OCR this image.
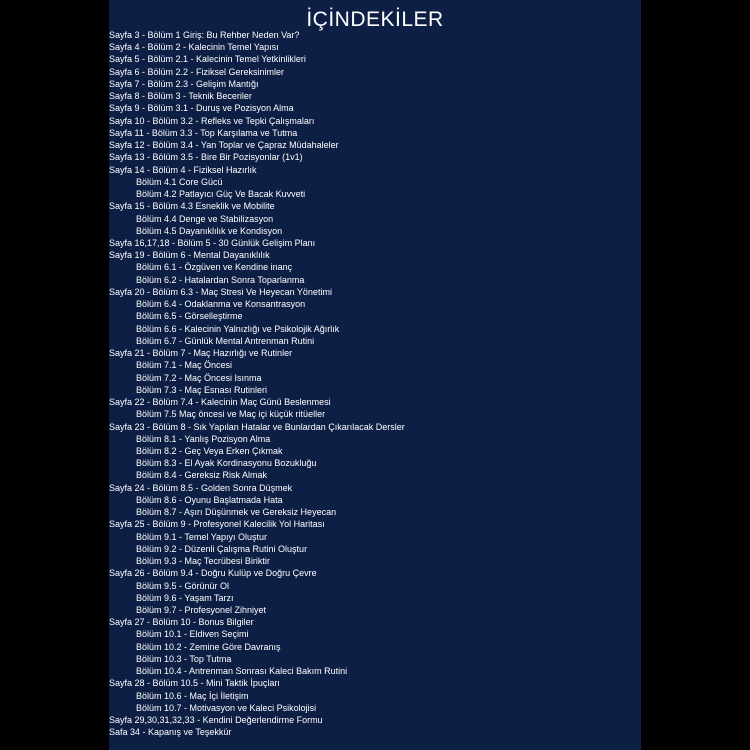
İÇİNDEKİLER
Sayfa 3 - Bölüm 1 Giriş: Bu Rehber Neden Var?
Sayfa 4 - Bölüm 2 - Kalecinin Temel Yapısı
Sayfa 5 - Bölüm 2.1 - Kalecinin Temel Yetkinlikleri
Sayfa 6 - Bölüm 2.2 - Fiziksel Gereksinimler
Sayfa 7 - Bölüm 2.3 - Gelişim Mantığı
Sayfa 8 - Bölüm 3 - Teknik Beceriler
Sayfa 9 - Bölüm 3.1 - Duruş ve Pozisyon Alma
Sayfa 10 - Bölüm 3.2 - Refleks ve Tepki Çalışmaları
Sayfa 11 - Bölüm 3.3 - Top Karşılama ve Tutma
Sayfa 12 - Bölüm 3.4 - Yan Toplar ve Çapraz Müdahaleler
Sayfa 13 - Bölüm 3.5 - Bire Bir Pozisyonlar (1v1)
Sayfa 14 - Bölüm 4 - Fiziksel Hazırlık
Bölüm 4.1 Core Gücü
Bölüm 4.2 Patlayıcı Güç Ve Bacak Kuvveti
Sayfa 15 - Bölüm 4.3 Esneklik ve Mobilite
Bölüm 4.4 Denge ve Stabilizasyon
Bölüm 4.5 Dayanıklılık ve Kondisyon
Sayfa 16,17,18 - Bölüm 5 - 30 Günlük Gelişim Planı
Sayfa 19 - Bölüm 6 - Mental Dayanıklılık
Bölüm 6.1 - Özgüven ve Kendine inanç
Bölüm 6.2 - Hatalardan Sonra Toparlanma
Sayfa 20 - Bölüm 6.3 - Maç Stresi Ve Heyecan Yönetimi
Bölüm 6.4 - Odaklanma ve Konsantrasyon
Bölüm 6.5 - Görselleştirme
Bölüm 6.6 - Kalecinin Yalnızlığı ve Psikolojik Ağırlık
Bölüm 6.7 - Günlük Mental Antrenman Rutini
Sayfa 21 - Bölüm 7 - Maç Hazırlığı ve Rutinler
Bölüm 7.1 - Maç Öncesi
Bölüm 7.2 - Maç Öncesi Isınma
Bölüm 7.3 - Maç Esnası Rutinleri
Sayfa 22 - Bölüm 7.4 - Kalecinin Maç Günü Beslenmesi
Bölüm 7.5 Maç öncesi ve Maç içi küçük ritüeller
Sayfa 23 - Bölüm 8 - Sık Yapılan Hatalar ve Bunlardan Çıkarılacak Dersler
Bölüm 8.1 - Yanlış Pozisyon Alma
Bölüm 8.2 - Geç Veya Erken Çıkmak
Bölüm 8.3 - El Ayak Kordinasyonu Bozukluğu
Bölüm 8.4 - Gereksiz Risk Almak
Sayfa 24 - Bölüm 8.5 - Golden Sonra Düşmek
Bölüm 8.6 - Oyunu Başlatmada Hata
Bölüm 8.7 - Aşırı Düşünmek ve Gereksiz Heyecan
Sayfa 25 - Bölüm 9 - Profesyonel Kalecilik Yol Haritası
Bölüm 9.1 - Temel Yapıyı Oluştur
Bölüm 9.2 - Düzenli Çalışma Rutini Oluştur
Bölüm 9.3 - Maç Tecrübesi Biriktir
Sayfa 26 - Bölüm 9.4 - Doğru Kulüp ve Doğru Çevre
Bölüm 9.5 - Görünür Ol
Bölüm 9.6 - Yaşam Tarzı
Bölüm 9.7 - Profesyonel Zihniyet
Sayfa 27 - Bölüm 10 - Bonus Bilgiler
Bölüm 10.1 - Eldiven Seçimi
Bölüm 10.2 - Zemine Göre Davranış
Bölüm 10.3 - Top Tutma
Bölüm 10.4 - Antrenman Sonrası Kaleci Bakım Rutini
Sayfa 28 - Bölüm 10.5 - Mini Taktik İpuçları
Bölüm 10.6 - Maç İçi İletişim
Bölüm 10.7 - Motivasyon ve Kaleci Psikolojisi
Sayfa 29,30,31,32,33 - Kendini Değerlendirme Formu
Safa 34 - Kapanış ve Teşekkür
